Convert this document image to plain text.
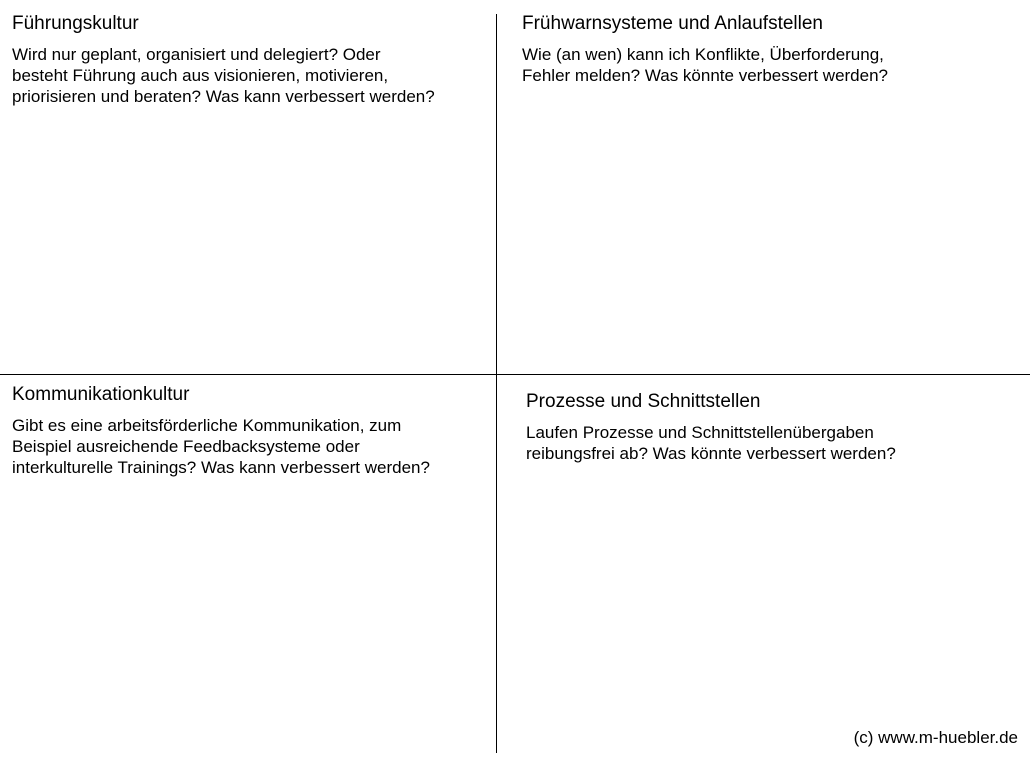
Führungskultur
Wird nur geplant, organisiert und delegiert? Oder
besteht Führung auch aus visionieren, motivieren,
priorisieren und beraten? Was kann verbessert werden?
Frühwarnsysteme und Anlaufstellen
Wie (an wen) kann ich Konflikte, Überforderung,
Fehler melden? Was könnte verbessert werden?
Kommunikationkultur
Gibt es eine arbeitsförderliche Kommunikation, zum
Beispiel ausreichende Feedbacksysteme oder
interkulturelle Trainings? Was kann verbessert werden?
Prozesse und Schnittstellen
Laufen Prozesse und Schnittstellenübergaben
reibungsfrei ab? Was könnte verbessert werden?
(c) www.m-huebler.de
